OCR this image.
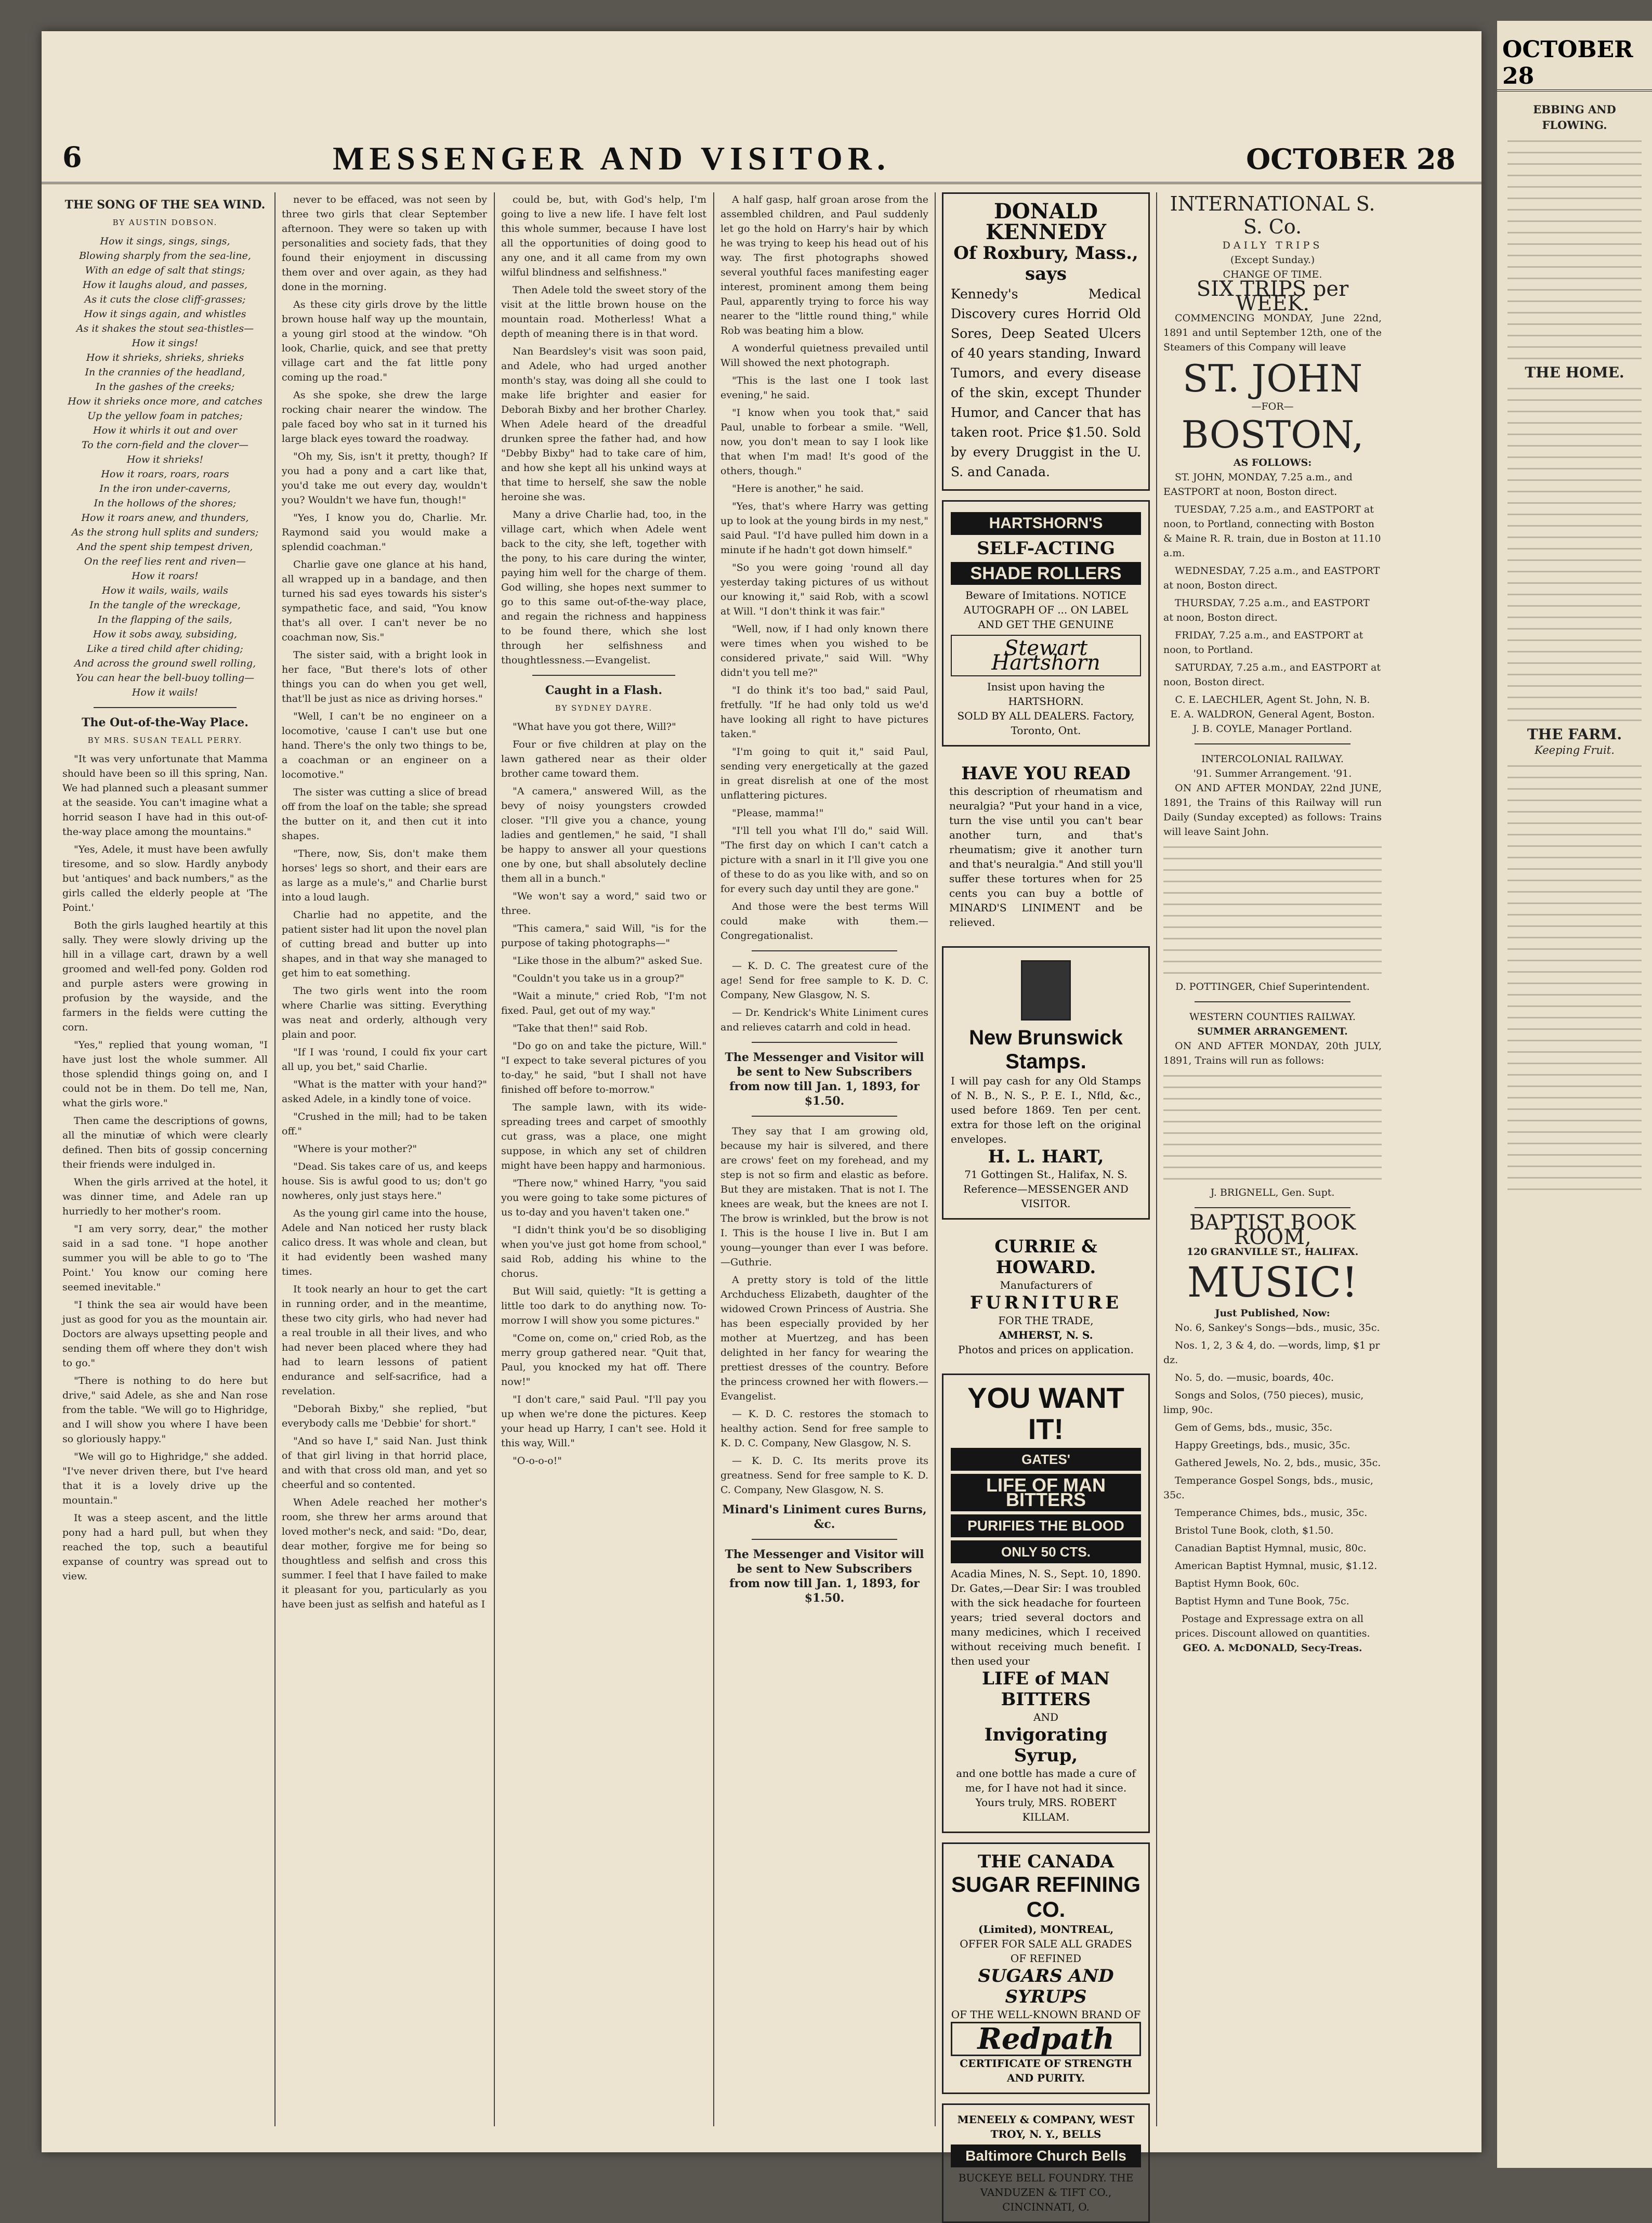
6	MESSENGER AND VISITOR.	OCTOBER 28
THE SONG OF THE SEA WIND.
BY AUSTIN DOBSON.
How it sings, sings, sings,
Blowing sharply from the sea-line,
With an edge of salt that stings;
How it laughs aloud, and passes,
As it cuts the close cliff-grasses;
How it sings again, and whistles
As it shakes the stout sea-thistles—
How it sings!
How it shrieks, shrieks, shrieks
In the crannies of the headland,
In the gashes of the creeks;
How it shrieks once more, and catches
Up the yellow foam in patches;
How it whirls it out and over
To the corn-field and the clover—
How it shrieks!
How it roars, roars, roars
In the iron under-caverns,
In the hollows of the shores;
How it roars anew, and thunders,
As the strong hull splits and sunders;
And the spent ship tempest driven,
On the reef lies rent and riven—
How it roars!
How it wails, wails, wails
In the tangle of the wreckage,
In the flapping of the sails,
How it sobs away, subsiding,
Like a tired child after chiding;
And across the ground swell rolling,
You can hear the bell-buoy tolling—
How it wails!
The Out-of-the-Way Place.
BY MRS. SUSAN TEALL PERRY.

"It was very unfortunate that Mamma should have been so ill this spring, Nan. We had planned such a pleasant summer at the seaside. You can't imagine what a horrid season I have had in this out-of-the-way place among the mountains."

"Yes, Adele, it must have been awfully tiresome, and so slow. Hardly anybody but 'antiques' and back numbers," as the girls called the elderly people at 'The Point.'

Both the girls laughed heartily at this sally. They were slowly driving up the hill in a village cart, drawn by a well groomed and well-fed pony. Golden rod and purple asters were growing in profusion by the wayside, and the farmers in the fields were cutting the corn.

"Yes," replied that young woman, "I have just lost the whole summer. All those splendid things going on, and I could not be in them. Do tell me, Nan, what the girls wore."

Then came the descriptions of gowns, all the minutiæ of which were clearly defined. Then bits of gossip concerning their friends were indulged in.

When the girls arrived at the hotel, it was dinner time, and Adele ran up hurriedly to her mother's room.

"I am very sorry, dear," the mother said in a sad tone. "I hope another summer you will be able to go to 'The Point.' You know our coming here seemed inevitable."

"I think the sea air would have been just as good for you as the mountain air. Doctors are always upsetting people and sending them off where they don't wish to go."

"There is nothing to do here but drive," said Adele, as she and Nan rose from the table. "We will go to Highridge, and I will show you where I have been so gloriously happy."

"We will go to Highridge," she added. "I've never driven there, but I've heard that it is a lovely drive up the mountain."

It was a steep ascent, and the little pony had a hard pull, but when they reached the top, such a beautiful expanse of country was spread out to view.

never to be effaced, was not seen by three two girls that clear September afternoon. They were so taken up with personalities and society fads, that they found their enjoyment in discussing them over and over again, as they had done in the morning.

As these city girls drove by the little brown house half way up the mountain, a young girl stood at the window. "Oh look, Charlie, quick, and see that pretty village cart and the fat little pony coming up the road."

As she spoke, she drew the large rocking chair nearer the window. The pale faced boy who sat in it turned his large black eyes toward the roadway.

"Oh my, Sis, isn't it pretty, though? If you had a pony and a cart like that, you'd take me out every day, wouldn't you? Wouldn't we have fun, though!"

"Yes, I know you do, Charlie. Mr. Raymond said you would make a splendid coachman."

Charlie gave one glance at his hand, all wrapped up in a bandage, and then turned his sad eyes towards his sister's sympathetic face, and said, "You know that's all over. I can't never be no coachman now, Sis."

The sister said, with a bright look in her face, "But there's lots of other things you can do when you get well, that'll be just as nice as driving horses."

"Well, I can't be no engineer on a locomotive, 'cause I can't use but one hand. There's the only two things to be, a coachman or an engineer on a locomotive."

The sister was cutting a slice of bread off from the loaf on the table; she spread the butter on it, and then cut it into shapes.

"There, now, Sis, don't make them horses' legs so short, and their ears are as large as a mule's," and Charlie burst into a loud laugh.

Charlie had no appetite, and the patient sister had lit upon the novel plan of cutting bread and butter up into shapes, and in that way she managed to get him to eat something.

The two girls went into the room where Charlie was sitting. Everything was neat and orderly, although very plain and poor.

"If I was 'round, I could fix your cart all up, you bet," said Charlie.

"What is the matter with your hand?" asked Adele, in a kindly tone of voice.

"Crushed in the mill; had to be taken off."

"Where is your mother?"

"Dead. Sis takes care of us, and keeps house. Sis is awful good to us; don't go nowheres, only just stays here."

As the young girl came into the house, Adele and Nan noticed her rusty black calico dress. It was whole and clean, but it had evidently been washed many times.

It took nearly an hour to get the cart in running order, and in the meantime, these two city girls, who had never had a real trouble in all their lives, and who had never been placed where they had had to learn lessons of patient endurance and self-sacrifice, had a revelation.

"Deborah Bixby," she replied, "but everybody calls me 'Debbie' for short."

"And so have I," said Nan. Just think of that girl living in that horrid place, and with that cross old man, and yet so cheerful and so contented.

When Adele reached her mother's room, she threw her arms around that loved mother's neck, and said: "Do, dear, dear mother, forgive me for being so thoughtless and selfish and cross this summer. I feel that I have failed to make it pleasant for you, particularly as you have been just as selfish and hateful as I

could be, but, with God's help, I'm going to live a new life. I have felt lost this whole summer, because I have lost all the opportunities of doing good to any one, and it all came from my own wilful blindness and selfishness."

Then Adele told the sweet story of the visit at the little brown house on the mountain road. Motherless! What a depth of meaning there is in that word.

Nan Beardsley's visit was soon paid, and Adele, who had urged another month's stay, was doing all she could to make life brighter and easier for Deborah Bixby and her brother Charley. When Adele heard of the dreadful drunken spree the father had, and how "Debby Bixby" had to take care of him, and how she kept all his unkind ways at that time to herself, she saw the noble heroine she was.

Many a drive Charlie had, too, in the village cart, which when Adele went back to the city, she left, together with the pony, to his care during the winter, paying him well for the charge of them. God willing, she hopes next summer to go to this same out-of-the-way place, and regain the richness and happiness to be found there, which she lost through her selfishness and thoughtlessness.—Evangelist.

Caught in a Flash.
BY SYDNEY DAYRE.

"What have you got there, Will?"

Four or five children at play on the lawn gathered near as their older brother came toward them.

"A camera," answered Will, as the bevy of noisy youngsters crowded closer. "I'll give you a chance, young ladies and gentlemen," he said, "I shall be happy to answer all your questions one by one, but shall absolutely decline them all in a bunch."

"We won't say a word," said two or three.

"This camera," said Will, "is for the purpose of taking photographs—"

"Like those in the album?" asked Sue.

"Couldn't you take us in a group?"

"Wait a minute," cried Rob, "I'm not fixed. Paul, get out of my way."

"Take that then!" said Rob.

"Do go on and take the picture, Will." "I expect to take several pictures of you to-day," he said, "but I shall not have finished off before to-morrow."

The sample lawn, with its wide-spreading trees and carpet of smoothly cut grass, was a place, one might suppose, in which any set of children might have been happy and harmonious.

"There now," whined Harry, "you said you were going to take some pictures of us to-day and you haven't taken one."

"I didn't think you'd be so disobliging when you've just got home from school," said Rob, adding his whine to the chorus.

But Will said, quietly: "It is getting a little too dark to do anything now. To-morrow I will show you some pictures."

"Come on, come on," cried Rob, as the merry group gathered near. "Quit that, Paul, you knocked my hat off. There now!"

"I don't care," said Paul. "I'll pay you up when we're done the pictures. Keep your head up Harry, I can't see. Hold it this way, Will."

"O-o-o-o!"

A half gasp, half groan arose from the assembled children, and Paul suddenly let go the hold on Harry's hair by which he was trying to keep his head out of his way. The first photographs showed several youthful faces manifesting eager interest, prominent among them being Paul, apparently trying to force his way nearer to the "little round thing," while Rob was beating him a blow.

A wonderful quietness prevailed until Will showed the next photograph.

"This is the last one I took last evening," he said.

"I know when you took that," said Paul, unable to forbear a smile. "Well, now, you don't mean to say I look like that when I'm mad! It's good of the others, though."

"Here is another," he said.

"Yes, that's where Harry was getting up to look at the young birds in my nest," said Paul. "I'd have pulled him down in a minute if he hadn't got down himself."

"So you were going 'round all day yesterday taking pictures of us without our knowing it," said Rob, with a scowl at Will. "I don't think it was fair."

"Well, now, if I had only known there were times when you wished to be considered private," said Will. "Why didn't you tell me?"

"I do think it's too bad," said Paul, fretfully. "If he had only told us we'd have looking all right to have pictures taken."

"I'm going to quit it," said Paul, sending very energetically at the gazed in great disrelish at one of the most unflattering pictures.

"Please, mamma!"

"I'll tell you what I'll do," said Will. "The first day on which I can't catch a picture with a snarl in it I'll give you one of these to do as you like with, and so on for every such day until they are gone."

And those were the best terms Will could make with them.—Congregationalist.

— K. D. C. The greatest cure of the age! Send for free sample to K. D. C. Company, New Glasgow, N. S.

— Dr. Kendrick's White Liniment cures and relieves catarrh and cold in head.

The Messenger and Visitor will be sent to New Subscribers from now till Jan. 1, 1893, for $1.50.

They say that I am growing old, because my hair is silvered, and there are crows' feet on my forehead, and my step is not so firm and elastic as before. But they are mistaken. That is not I. The knees are weak, but the knees are not I. The brow is wrinkled, but the brow is not I. This is the house I live in. But I am young—younger than ever I was before.—Guthrie.

A pretty story is told of the little Archduchess Elizabeth, daughter of the widowed Crown Princess of Austria. She has been especially provided by her mother at Muertzeg, and has been delighted in her fancy for wearing the prettiest dresses of the country. Before the princess crowned her with flowers.—Evangelist.

— K. D. C. restores the stomach to healthy action. Send for free sample to K. D. C. Company, New Glasgow, N. S.

— K. D. C. Its merits prove its greatness. Send for free sample to K. D. C. Company, New Glasgow, N. S.

Minard's Liniment cures Burns, &c.
The Messenger and Visitor will be sent to New Subscribers from now till Jan. 1, 1893, for $1.50.
DONALD KENNEDY
Of Roxbury, Mass., says
Kennedy's Medical Discovery cures Horrid Old Sores, Deep Seated Ulcers of 40 years standing, Inward Tumors, and every disease of the skin, except Thunder Humor, and Cancer that has taken root. Price $1.50. Sold by every Druggist in the U. S. and Canada.
HARTSHORN'S
SELF-ACTING
SHADE ROLLERS
Beware of Imitations. NOTICE AUTOGRAPH OF ... ON LABEL AND GET THE GENUINE
Stewart Hartshorn
Insist upon having the HARTSHORN.
SOLD BY ALL DEALERS. Factory, Toronto, Ont.
HAVE YOU READ
this description of rheumatism and neuralgia? "Put your hand in a vice, turn the vise until you can't bear another turn, and that's rheumatism; give it another turn and that's neuralgia." And still you'll suffer these tortures when for 25 cents you can buy a bottle of MINARD'S LINIMENT and be relieved.
New Brunswick Stamps.
I will pay cash for any Old Stamps of N. B., N. S., P. E. I., Nfld, &c., used before 1869. Ten per cent. extra for those left on the original envelopes.
H. L. HART,
71 Gottingen St., Halifax, N. S.
Reference—MESSENGER AND VISITOR.
CURRIE & HOWARD.
Manufacturers of
FURNITURE
FOR THE TRADE,
AMHERST, N. S.
Photos and prices on application.
YOU WANT IT!
GATES'
LIFE OF MAN BITTERS
PURIFIES THE BLOOD
ONLY 50 CTS.
Acadia Mines, N. S., Sept. 10, 1890. Dr. Gates,—Dear Sir: I was troubled with the sick headache for fourteen years; tried several doctors and many medicines, which I received without receiving much benefit. I then used your
LIFE of MAN BITTERS
AND
Invigorating Syrup,
and one bottle has made a cure of me, for I have not had it since. Yours truly, MRS. ROBERT KILLAM.
THE CANADA
SUGAR REFINING CO.
(Limited), MONTREAL,
OFFER FOR SALE ALL GRADES OF REFINED
SUGARS AND SYRUPS
OF THE WELL-KNOWN BRAND OF
Redpath
CERTIFICATE OF STRENGTH AND PURITY.
MENEELY & COMPANY, WEST TROY, N. Y., BELLS
Baltimore Church Bells
BUCKEYE BELL FOUNDRY. THE VANDUZEN & TIFT CO., CINCINNATI, O.
INTERNATIONAL S. S. Co.
DAILY TRIPS
(Except Sunday.)
CHANGE OF TIME.
SIX TRIPS per WEEK.

COMMENCING MONDAY, June 22nd, 1891 and until September 12th, one of the Steamers of this Company will leave

ST. JOHN
—FOR—
BOSTON,
AS FOLLOWS:

ST. JOHN, MONDAY, 7.25 a.m., and EASTPORT at noon, Boston direct.

TUESDAY, 7.25 a.m., and EASTPORT at noon, to Portland, connecting with Boston & Maine R. R. train, due in Boston at 11.10 a.m.

WEDNESDAY, 7.25 a.m., and EASTPORT at noon, Boston direct.

THURSDAY, 7.25 a.m., and EASTPORT at noon, Boston direct.

FRIDAY, 7.25 a.m., and EASTPORT at noon, to Portland.

SATURDAY, 7.25 a.m., and EASTPORT at noon, Boston direct.

C. E. LAECHLER, Agent St. John, N. B.
E. A. WALDRON, General Agent, Boston.
J. B. COYLE, Manager Portland.
INTERCOLONIAL RAILWAY.
'91. Summer Arrangement. '91.

ON AND AFTER MONDAY, 22nd JUNE, 1891, the Trains of this Railway will run Daily (Sunday excepted) as follows: Trains will leave Saint John.

D. POTTINGER, Chief Superintendent.
WESTERN COUNTIES RAILWAY.
SUMMER ARRANGEMENT.

ON AND AFTER MONDAY, 20th JULY, 1891, Trains will run as follows:

J. BRIGNELL, Gen. Supt.
BAPTIST BOOK ROOM,
120 GRANVILLE ST., HALIFAX.
MUSIC!
Just Published, Now:

No. 6, Sankey's Songs—bds., music, 35c.

Nos. 1, 2, 3 & 4, do. —words, limp, $1 pr dz.

No. 5, do. —music, boards, 40c.

Songs and Solos, (750 pieces), music, limp, 90c.

Gem of Gems, bds., music, 35c.

Happy Greetings, bds., music, 35c.

Gathered Jewels, No. 2, bds., music, 35c.

Temperance Gospel Songs, bds., music, 35c.

Temperance Chimes, bds., music, 35c.

Bristol Tune Book, cloth, $1.50.

Canadian Baptist Hymnal, music, 80c.

American Baptist Hymnal, music, $1.12.

Baptist Hymn Book, 60c.

Baptist Hymn and Tune Book, 75c.

Postage and Expressage extra on all prices. Discount allowed on quantities.
GEO. A. McDONALD, Secy-Treas.
OCTOBER 28
EBBING AND FLOWING.
THE HOME.
THE FARM.
Keeping Fruit.
